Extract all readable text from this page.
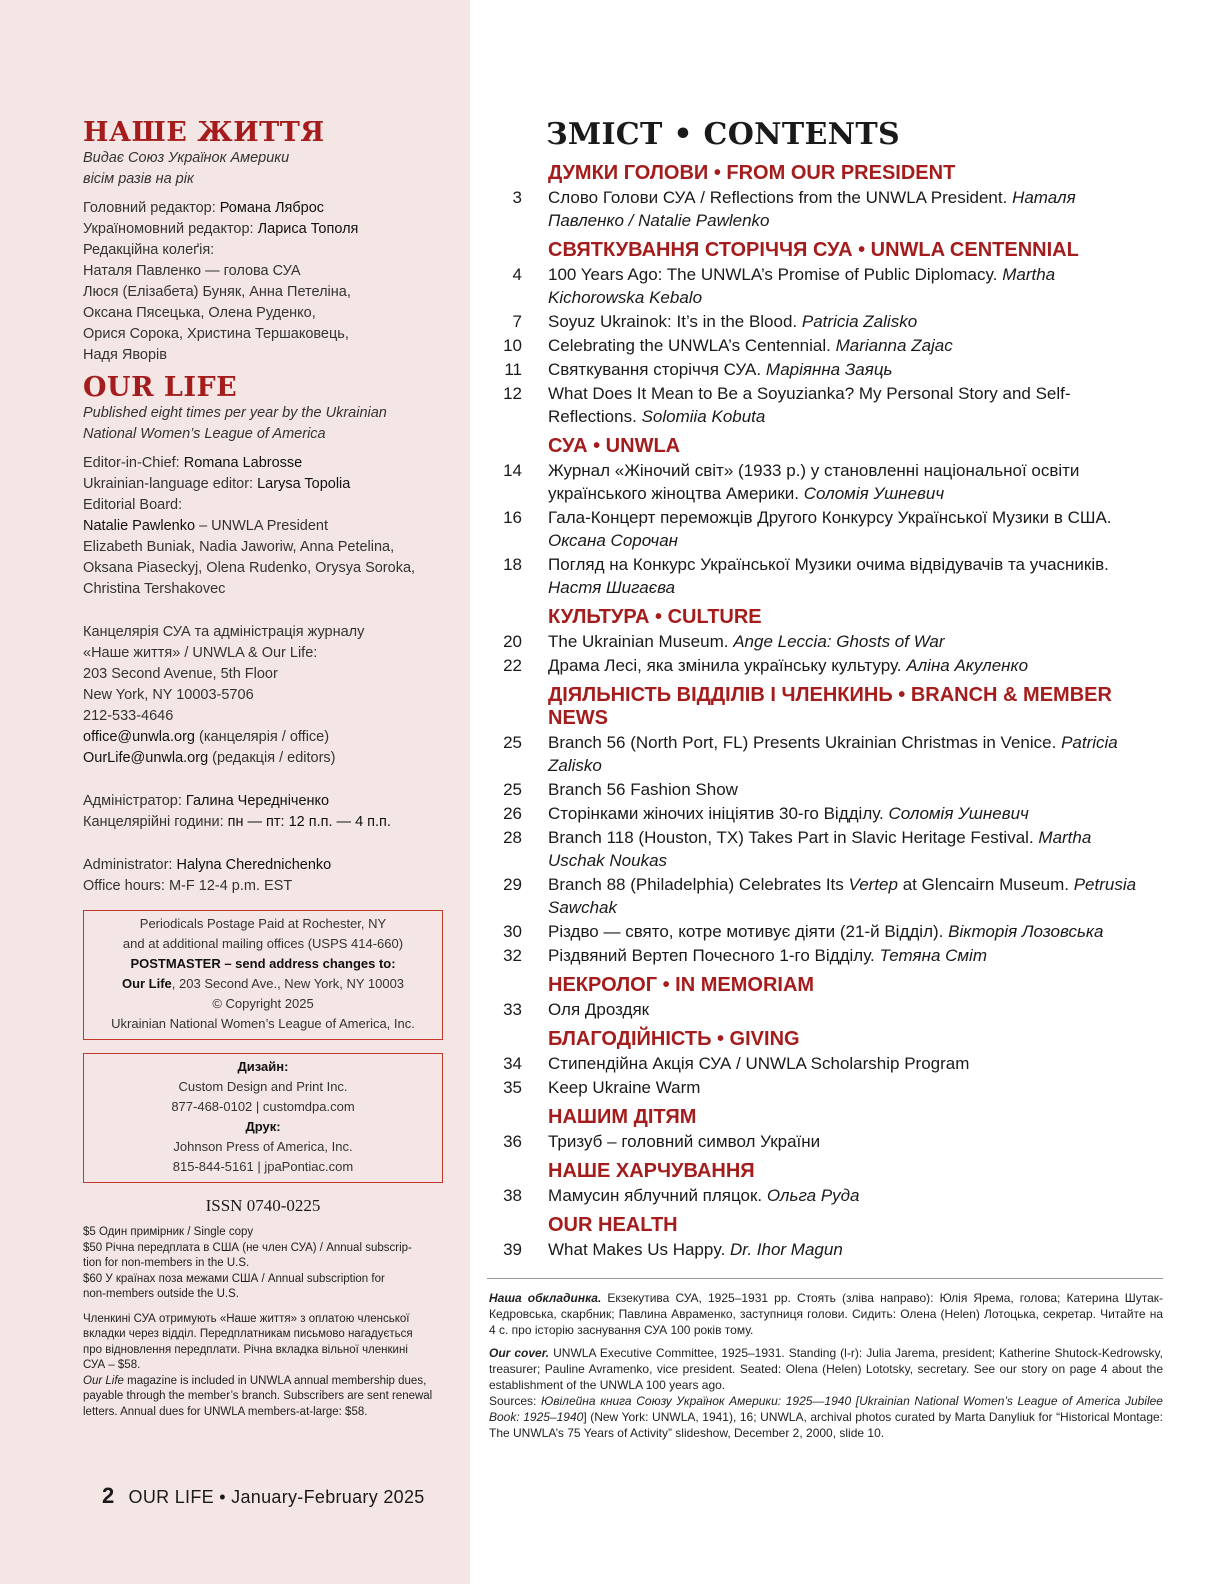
НАШЕ ЖИТТЯ
Видає Союз Українок Америки
вісім разів на рік
Головний редактор: Романа Ляброс
Україномовний редактор: Лариса Тополя
Редакційна колеґія:
Наталя Павленко — голова СУА
Люся (Елізабета) Буняк, Анна Петеліна,
Оксана Пясецька, Олена Руденко,
Орися Сорока, Христина Тершаковець,
Надя Яворів
OUR LIFE
Published eight times per year by the Ukrainian
National Women’s League of America
Editor-in-Chief: Romana Labrosse
Ukrainian-language editor: Larysa Topolia
Editorial Board:
Natalie Pawlenko – UNWLA President
Elizabeth Buniak, Nadia Jaworiw, Anna Petelina,
Oksana Piaseckyj, Olena Rudenko, Orysya Soroka,
Christina Tershakovec
Канцелярія СУА та адміністрація журналу
«Наше життя» / UNWLA & Our Life:
203 Second Avenue, 5th Floor
New York, NY 10003-5706
212-533-4646
office@unwla.org (канцелярія / office)
OurLife@unwla.org (редакція / editors)
Адміністратор: Галина Чередніченко
Канцелярійні години: пн — пт: 12 п.п. — 4 п.п.
Administrator: Halyna Cherednichenko
Office hours: M-F 12-4 p.m. EST
Periodicals Postage Paid at Rochester, NY
and at additional mailing offices (USPS 414-660)
POSTMASTER – send address changes to:
Our Life, 203 Second Ave., New York, NY 10003
© Copyright 2025
Ukrainian National Women’s League of America, Inc.
Дизайн:
Custom Design and Print Inc.
877-468-0102 | customdpa.com
Друк:
Johnson Press of America, Inc.
815-844-5161 | jpaPontiac.com
ISSN 0740-0225

$5 Один примірник / Single copy

$50 Річна передплата в США (не член СУА) / Annual subscrip-

tion for non-members in the U.S.

$60 У країнах поза межами США / Annual subscription for

non-members outside the U.S.

Членкині СУА отримують «Наше життя» з оплатою членської

вкладки через відділ. Передплатникам письмово нагадується

про відновлення передплати. Річна вкладка вільної членкині

СУА – $58.

Our Life magazine is included in UNWLA annual membership dues,

payable through the member’s branch. Subscribers are sent renewal

letters. Annual dues for UNWLA members-at-large: $58.

2 OUR LIFE • January-February 2025
ЗМІСТ • CONTENTS
ДУМКИ ГОЛОВИ • FROM OUR PRESIDENT
3 Слово Голови СУА / Reflections from the UNWLA President. Наталя Павленко / Natalie Pawlenko
СВЯТКУВАННЯ СТОРІЧЧЯ СУА • UNWLA CENTENNIAL
4 100 Years Ago: The UNWLA’s Promise of Public Diplomacy. Martha Kichorowska Kebalo
7 Soyuz Ukrainok: It’s in the Blood. Patricia Zalisko
10 Celebrating the UNWLA’s Centennial. Marianna Zajac
11 Святкування сторіччя СУА. Маріянна Заяць
12 What Does It Mean to Be a Soyuzianka? My Personal Story and Self-Reflections. Solomiia Kobuta
СУА • UNWLA
14 Журнал «Жіночий світ» (1933 р.) у становленні національної освіти українського жіноцтва Америки. Соломія Ушневич
16 Гала-Концерт переможців Другого Конкурсу Української Музики в США. Оксана Сорочан
18 Погляд на Конкурс Української Музики очима відвідувачів та учасників. Настя Шигаєва
КУЛЬТУРА • CULTURE
20 The Ukrainian Museum. Ange Leccia: Ghosts of War
22 Драма Лесі, яка змінила українську культуру. Аліна Акуленко
ДІЯЛЬНІСТЬ ВІДДІЛІВ І ЧЛЕНКИНЬ • BRANCH & MEMBER NEWS
25 Branch 56 (North Port, FL) Presents Ukrainian Christmas in Venice. Patricia Zalisko
25 Branch 56 Fashion Show
26 Сторінками жіночих ініціятив 30-го Відділу. Соломія Ушневич
28 Branch 118 (Houston, TX) Takes Part in Slavic Heritage Festival. Martha Uschak Noukas
29 Branch 88 (Philadelphia) Celebrates Its Vertep at Glencairn Museum. Petrusia Sawchak
30 Різдво — свято, котре мотивує діяти (21-й Відділ). Вікторія Лозовська
32 Різдвяний Вертеп Почесного 1-го Відділу. Тетяна Сміт
НЕКРОЛОГ • IN MEMORIAM
33 Оля Дроздяк
БЛАГОДІЙНІСТЬ • GIVING
34 Стипендійна Акція СУА / UNWLA Scholarship Program
35 Keep Ukraine Warm
НАШИМ ДІТЯМ
36 Тризуб – головний символ України
НАШЕ ХАРЧУВАННЯ
38 Мамусин яблучний пляцок. Ольга Руда
OUR HEALTH
39 What Makes Us Happy. Dr. Ihor Magun

Наша обкладинка. Екзекутива СУА, 1925–1931 рр. Стоять (зліва направо): Юлія Ярема, голова; Катерина Шутак-Кедровська, скарбник; Павлина Авраменко, заступниця голови. Сидить: Олена (Helen) Лотоцька, секретар. Читайте на 4 с. про історію заснування СУА 100 років тому.

Our cover. UNWLA Executive Committee, 1925–1931. Standing (l-r): Julia Jarema, president; Katherine Shutock-Kedrowsky, treasurer; Pauline Avramenko, vice president. Seated: Olena (Helen) Lototsky, secretary. See our story on page 4 about the establishment of the UNWLA 100 years ago.
Sources: Ювілейна книга Союзу Українок Америки: 1925—1940 [Ukrainian National Women’s League of America Jubilee Book: 1925–1940] (New York: UNWLA, 1941), 16; UNWLA, archival photos curated by Marta Danyliuk for “Historical Montage: The UNWLA’s 75 Years of Activity” slideshow, December 2, 2000, slide 10.
